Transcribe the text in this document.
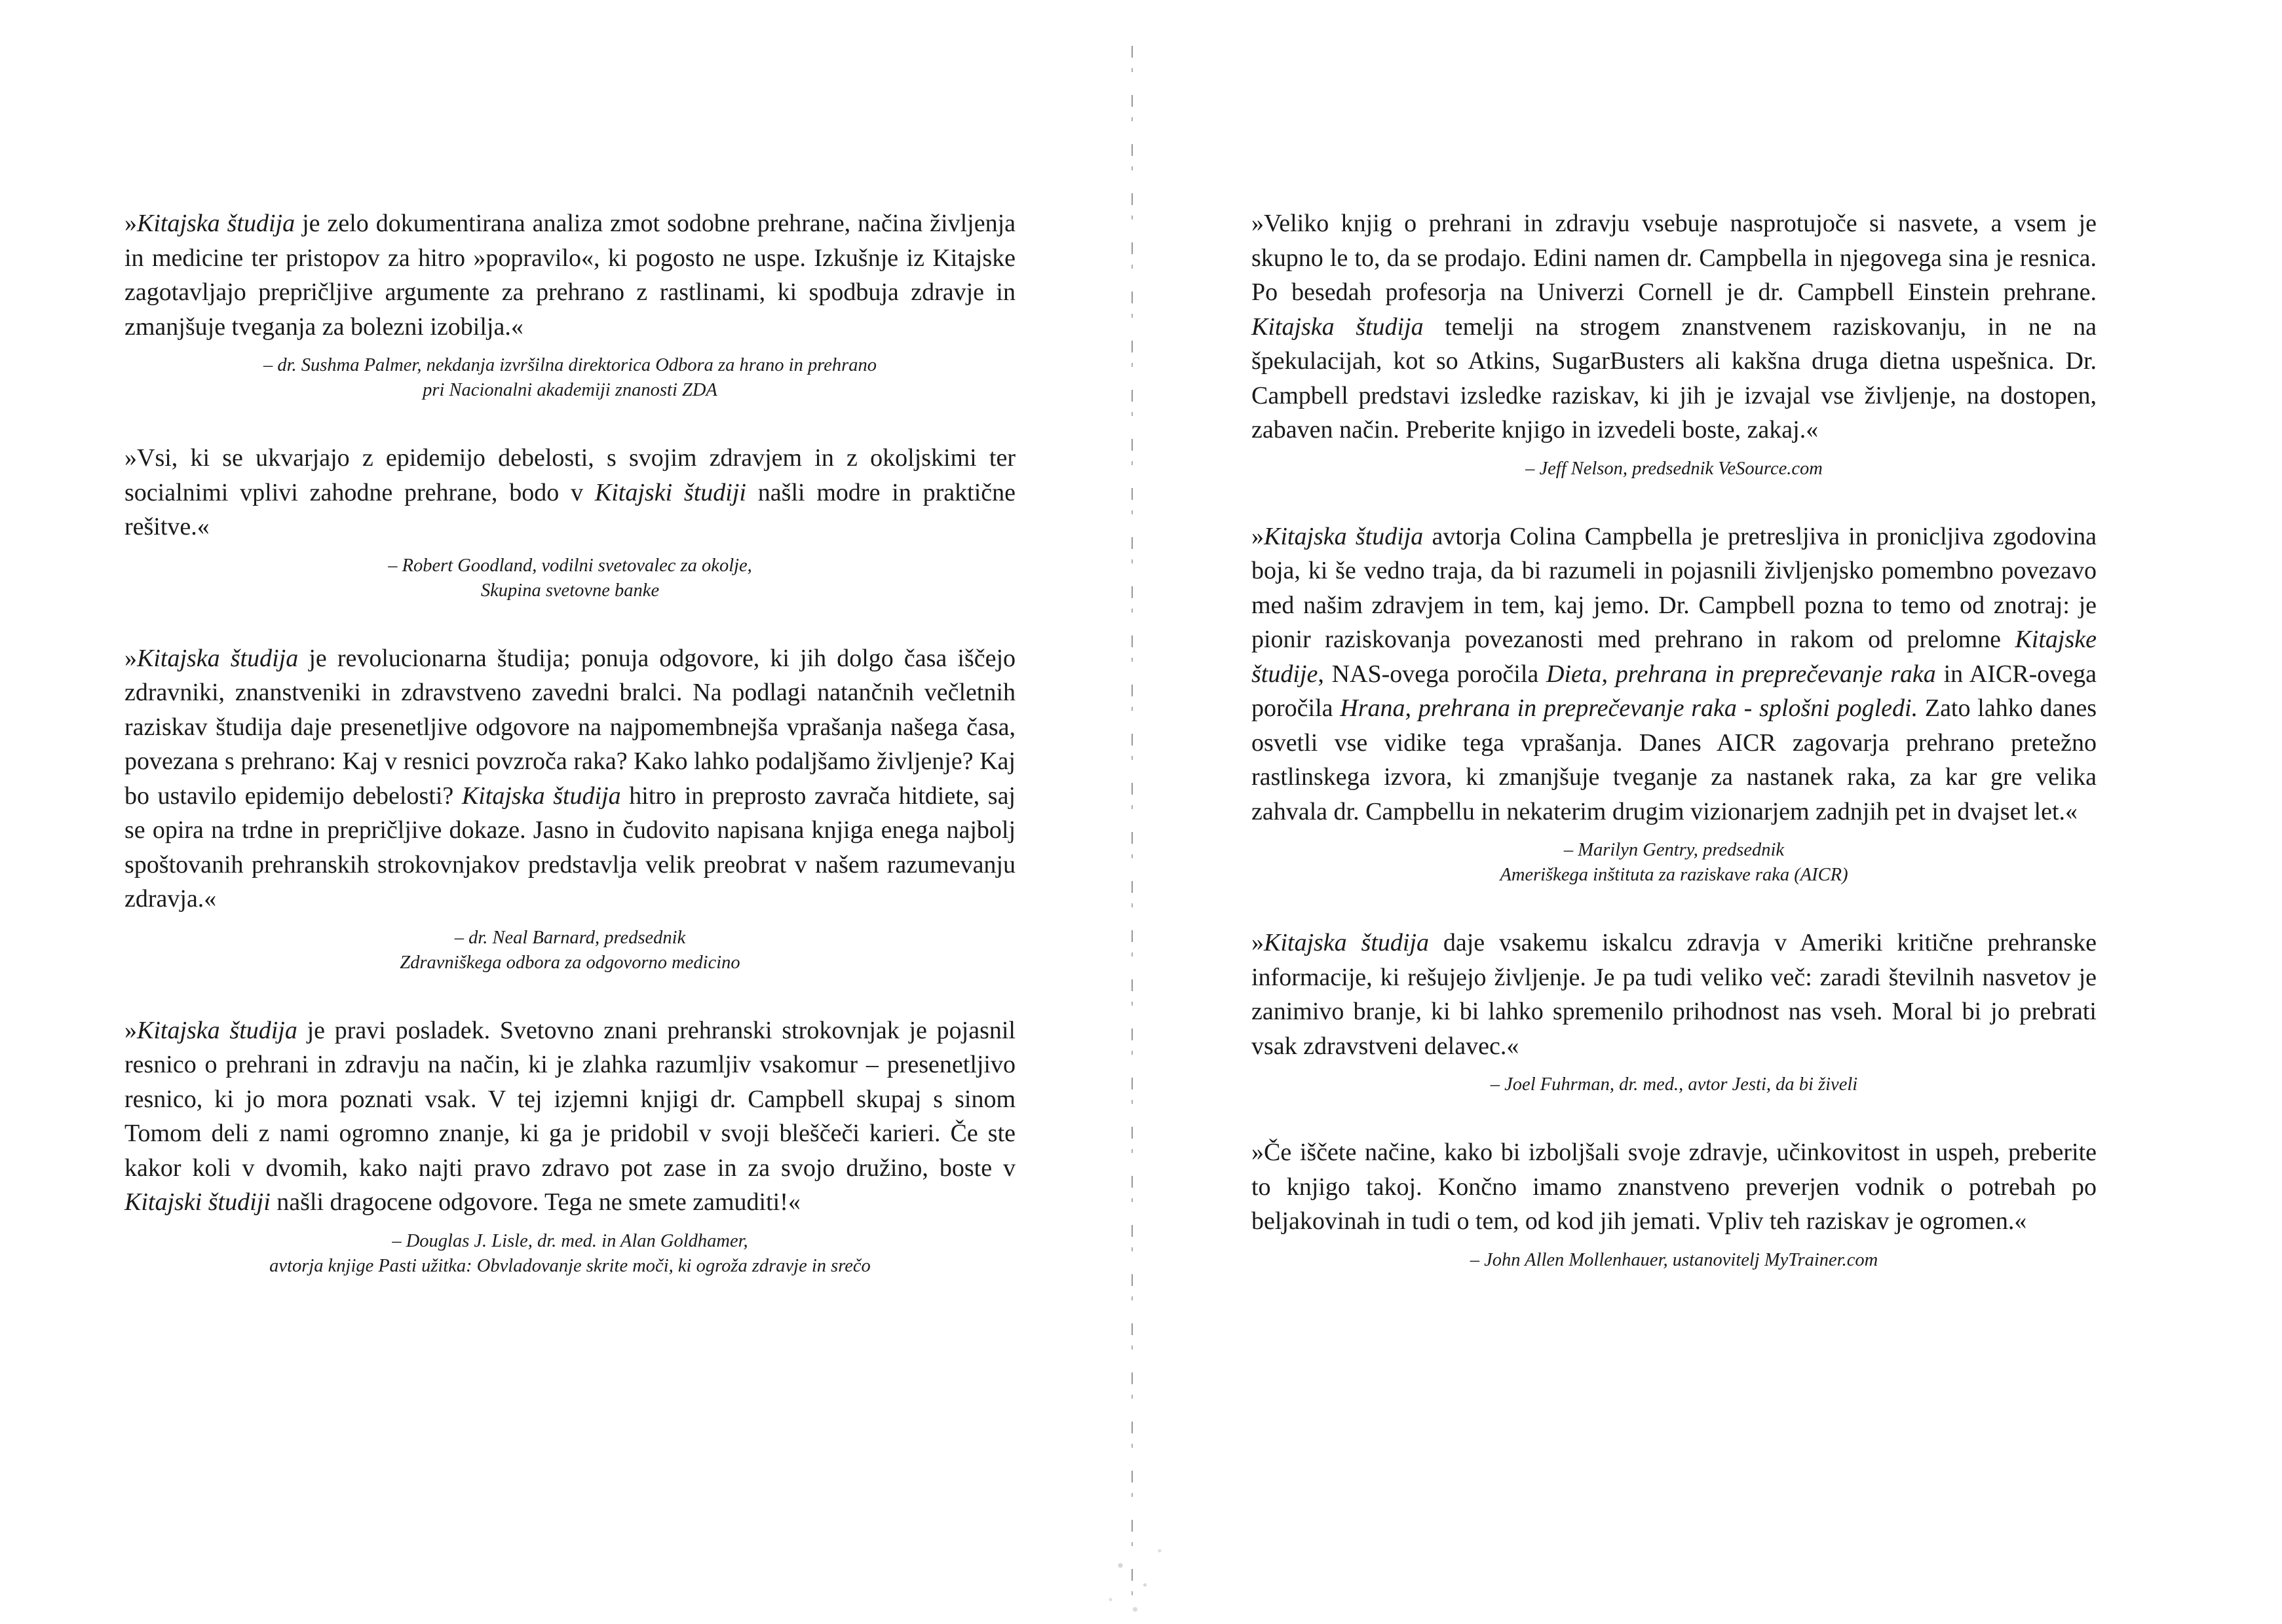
»Kitajska študija je zelo dokumentirana analiza zmot sodobne prehrane, načina življenja in medicine ter pristopov za hitro »popravilo«, ki pogosto ne uspe. Izkušnje iz Kitajske zagotavljajo prepričljive argumente za prehrano z rastlinami, ki spodbuja zdravje in zmanjšuje tveganja za bolezni izobilja.«

– dr. Sushma Palmer, nekdanja izvršilna direktorica Odbora za hrano in prehrano
pri Nacionalni akademiji znanosti ZDA

»Vsi, ki se ukvarjajo z epidemijo debelosti, s svojim zdravjem in z okoljskimi ter socialnimi vplivi zahodne prehrane, bodo v Kitajski študiji našli modre in praktične rešitve.«

– Robert Goodland, vodilni svetovalec za okolje,
Skupina svetovne banke

»Kitajska študija je revolucionarna študija; ponuja odgovore, ki jih dolgo časa iščejo zdravniki, znanstveniki in zdravstveno zavedni bralci. Na podlagi natančnih večletnih raziskav študija daje presenetljive odgovore na najpomembnejša vprašanja našega časa, povezana s prehrano: Kaj v resnici povzroča raka? Kako lahko podaljšamo življenje? Kaj bo ustavilo epidemijo debelosti? Kitajska študija hitro in preprosto zavrača hitdiete, saj se opira na trdne in prepričljive dokaze. Jasno in čudovito napisana knjiga enega najbolj spoštovanih prehranskih strokovnjakov predstavlja velik preobrat v našem razumevanju zdravja.«

– dr. Neal Barnard, predsednik
Zdravniškega odbora za odgovorno medicino

»Kitajska študija je pravi posladek. Svetovno znani prehranski strokovnjak je pojasnil resnico o prehrani in zdravju na način, ki je zlahka razumljiv vsakomur – presenetljivo resnico, ki jo mora poznati vsak. V tej izjemni knjigi dr. Campbell skupaj s sinom Tomom deli z nami ogromno znanje, ki ga je pridobil v svoji bleščeči karieri. Če ste kakor koli v dvomih, kako najti pravo zdravo pot zase in za svojo družino, boste v Kitajski študiji našli dragocene odgovore. Tega ne smete zamuditi!«

– Douglas J. Lisle, dr. med. in Alan Goldhamer,
avtorja knjige Pasti užitka: Obvladovanje skrite moči, ki ogroža zdravje in srečo

»Veliko knjig o prehrani in zdravju vsebuje nasprotujoče si nasvete, a vsem je skupno le to, da se prodajo. Edini namen dr. Campbella in njegovega sina je resnica. Po besedah profesorja na Univerzi Cornell je dr. Campbell Einstein prehrane. Kitajska študija temelji na strogem znanstvenem raziskovanju, in ne na špekulacijah, kot so Atkins, SugarBusters ali kakšna druga dietna uspešnica. Dr. Campbell predstavi izsledke raziskav, ki jih je izvajal vse življenje, na dostopen, zabaven način. Preberite knjigo in izvedeli boste, zakaj.«

– Jeff Nelson, predsednik VeSource.com

»Kitajska študija avtorja Colina Campbella je pretresljiva in pronicljiva zgodovina boja, ki še vedno traja, da bi razumeli in pojasnili življenjsko pomembno povezavo med našim zdravjem in tem, kaj jemo. Dr. Campbell pozna to temo od znotraj: je pionir raziskovanja povezanosti med prehrano in rakom od prelomne Kitajske študije, NAS-ovega poročila Dieta, prehrana in preprečevanje raka in AICR-ovega poročila Hrana, prehrana in preprečevanje raka - splošni pogledi. Zato lahko danes osvetli vse vidike tega vprašanja. Danes AICR zagovarja prehrano pretežno rastlinskega izvora, ki zmanjšuje tveganje za nastanek raka, za kar gre velika zahvala dr. Campbellu in nekaterim drugim vizionarjem zadnjih pet in dvajset let.«

– Marilyn Gentry, predsednik
Ameriškega inštituta za raziskave raka (AICR)

»Kitajska študija daje vsakemu iskalcu zdravja v Ameriki kritične prehranske informacije, ki rešujejo življenje. Je pa tudi veliko več: zaradi številnih nasvetov je zanimivo branje, ki bi lahko spremenilo prihodnost nas vseh. Moral bi jo prebrati vsak zdravstveni delavec.«

– Joel Fuhrman, dr. med., avtor Jesti, da bi živeli

»Če iščete načine, kako bi izboljšali svoje zdravje, učinkovitost in uspeh, preberite to knjigo takoj. Končno imamo znanstveno preverjen vodnik o potrebah po beljakovinah in tudi o tem, od kod jih jemati. Vpliv teh raziskav je ogromen.«

– John Allen Mollenhauer, ustanovitelj MyTrainer.com
